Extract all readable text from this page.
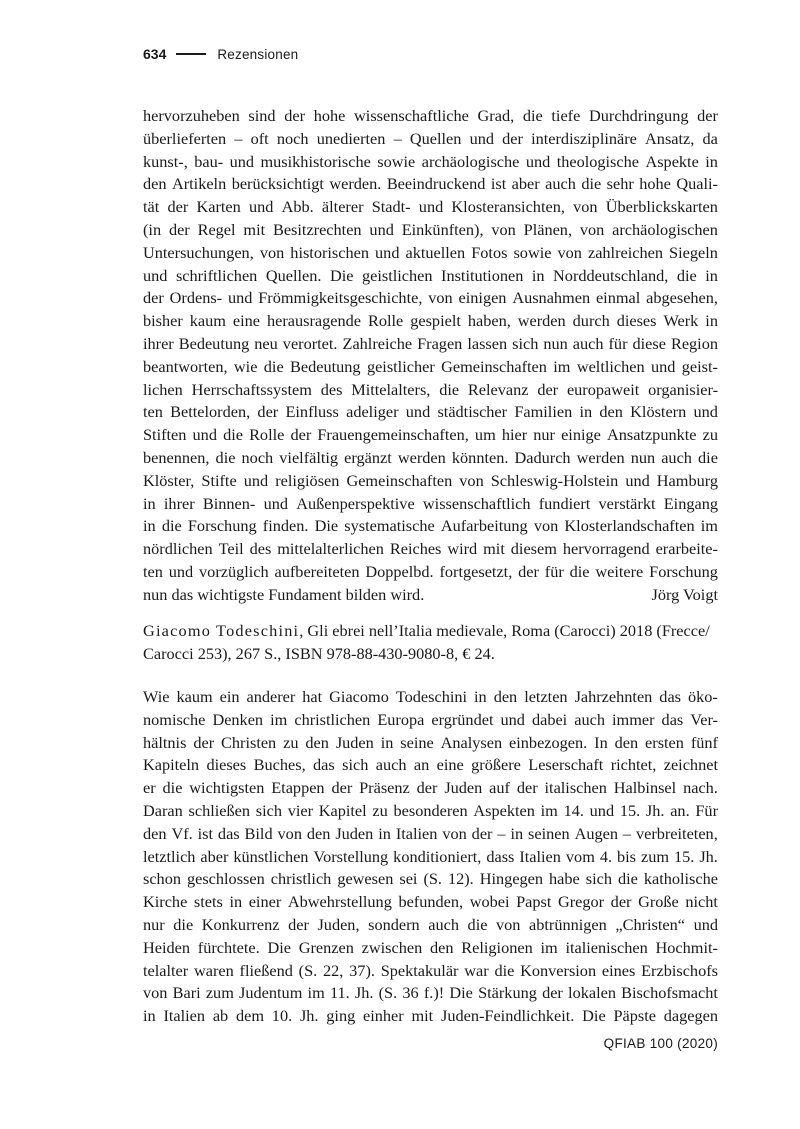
634	Rezensionen
hervorzuheben sind der hohe wissenschaftliche Grad, die tiefe Durchdringung der
überlieferten – oft noch unedierten – Quellen und der interdisziplinäre Ansatz, da
kunst-, bau- und musikhistorische sowie archäologische und theologische Aspekte in
den Artikeln berücksichtigt werden. Beeindruckend ist aber auch die sehr hohe Quali-
tät der Karten und Abb. älterer Stadt- und Klosteransichten, von Überblickskarten
(in der Regel mit Besitzrechten und Einkünften), von Plänen, von archäologischen
Untersuchungen, von historischen und aktuellen Fotos sowie von zahlreichen Siegeln
und schriftlichen Quellen. Die geistlichen Institutionen in Norddeutschland, die in
der Ordens- und Frömmigkeitsgeschichte, von einigen Ausnahmen einmal abgesehen,
bisher kaum eine herausragende Rolle gespielt haben, werden durch dieses Werk in
ihrer Bedeutung neu verortet. Zahlreiche Fragen lassen sich nun auch für diese Region
beantworten, wie die Bedeutung geistlicher Gemeinschaften im weltlichen und geist-
lichen Herrschaftssystem des Mittelalters, die Relevanz der europaweit organisier-
ten Bettelorden, der Einfluss adeliger und städtischer Familien in den Klöstern und
Stiften und die Rolle der Frauengemeinschaften, um hier nur einige Ansatzpunkte zu
benennen, die noch vielfältig ergänzt werden könnten. Dadurch werden nun auch die
Klöster, Stifte und religiösen Gemeinschaften von Schleswig-Holstein und Hamburg
in ihrer Binnen- und Außenperspektive wissenschaftlich fundiert verstärkt Eingang
in die Forschung finden. Die systematische Aufarbeitung von Klosterlandschaften im
nördlichen Teil des mittelalterlichen Reiches wird mit diesem hervorragend erarbeite-
ten und vorzüglich aufbereiteten Doppelbd. fortgesetzt, der für die weitere Forschung
nun das wichtigste Fundament bilden wird.	Jörg Voigt
Giacomo Todeschini , Gli ebrei nell’Italia medievale, Roma (Carocci) 2018 (Frecce/
Carocci 253), 267 S., ISBN 978-88-430-9080-8, € 24.
Wie kaum ein anderer hat Giacomo Todeschini in den letzten Jahrzehnten das öko-
nomische Denken im christlichen Europa ergründet und dabei auch immer das Ver-
hältnis der Christen zu den Juden in seine Analysen einbezogen. In den ersten fünf
Kapiteln dieses Buches, das sich auch an eine größere Leserschaft richtet, zeichnet
er die wichtigsten Etappen der Präsenz der Juden auf der italischen Halbinsel nach.
Daran schließen sich vier Kapitel zu besonderen Aspekten im 14. und 15. Jh. an. Für
den Vf. ist das Bild von den Juden in Italien von der – in seinen Augen – verbreiteten,
letztlich aber künstlichen Vorstellung konditioniert, dass Italien vom 4. bis zum 15. Jh.
schon geschlossen christlich gewesen sei (S. 12). Hingegen habe sich die katholische
Kirche stets in einer Abwehrstellung befunden, wobei Papst Gregor der Große nicht
nur die Konkurrenz der Juden, sondern auch die von abtrünnigen „Christen“ und
Heiden fürchtete. Die Grenzen zwischen den Religionen im italienischen Hochmit-
telalter waren fließend (S. 22, 37). Spektakulär war die Konversion eines Erzbischofs
von Bari zum Judentum im 11. Jh. (S. 36 f.)! Die Stärkung der lokalen Bischofsmacht
in Italien ab dem 10. Jh. ging einher mit Juden-Feindlichkeit. Die Päpste dagegen
QFIAB 100 (2020)
